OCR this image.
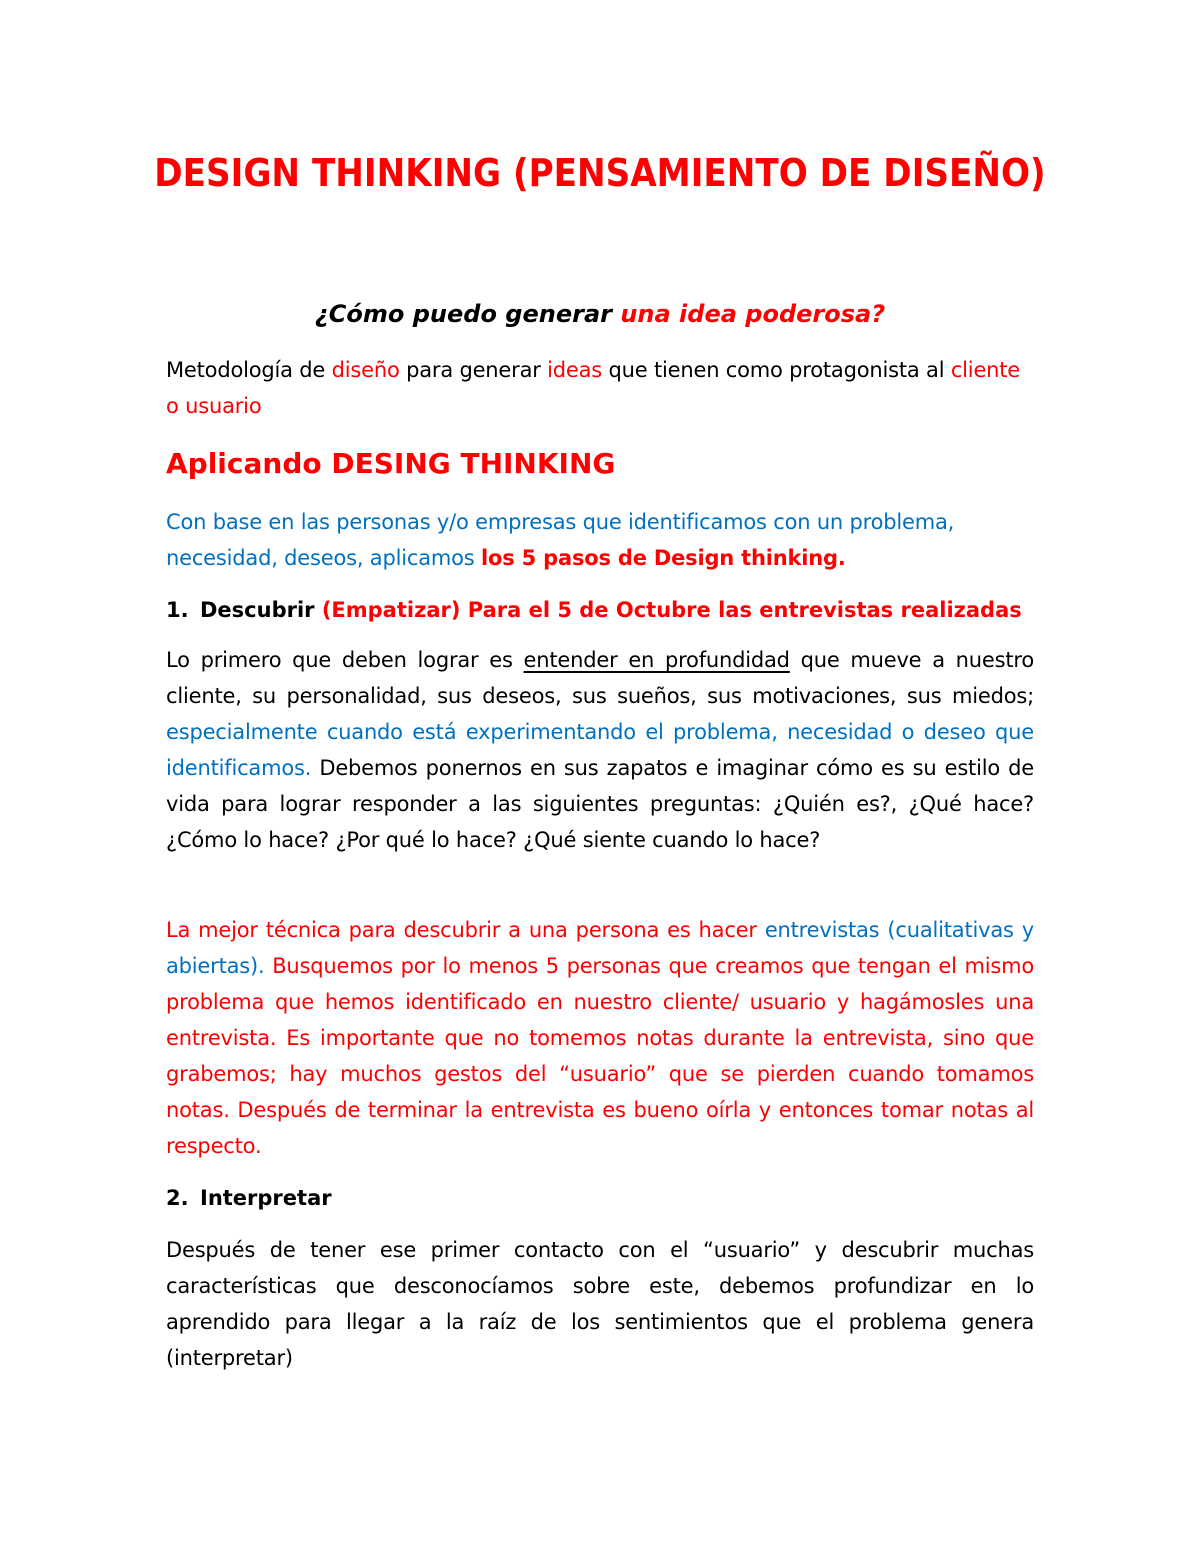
DESIGN THINKING (PENSAMIENTO DE DISEÑO)
¿Cómo puedo generar una idea poderosa?
Metodología de diseño para generar ideas que tienen como protagonista al cliente o usuario
Aplicando DESING THINKING
Con base en las personas y/o empresas que identificamos con un problema, necesidad, deseos, aplicamos los 5 pasos de Design thinking.
1. Descubrir (Empatizar) Para el 5 de Octubre las entrevistas realizadas
Lo primero que deben lograr es entender en profundidad que mueve a nuestro cliente, su personalidad, sus deseos, sus sueños, sus motivaciones, sus miedos; especialmente cuando está experimentando el problema, necesidad o deseo que identificamos. Debemos ponernos en sus zapatos e imaginar cómo es su estilo de vida para lograr responder a las siguientes preguntas: ¿Quién es?, ¿Qué hace? ¿Cómo lo hace? ¿Por qué lo hace? ¿Qué siente cuando lo hace?
La mejor técnica para descubrir a una persona es hacer entrevistas (cualitativas y abiertas). Busquemos por lo menos 5 personas que creamos que tengan el mismo problema que hemos identificado en nuestro cliente/ usuario y hagámosles una entrevista. Es importante que no tomemos notas durante la entrevista, sino que grabemos; hay muchos gestos del “usuario” que se pierden cuando tomamos notas. Después de terminar la entrevista es bueno oírla y entonces tomar notas al respecto.
2. Interpretar
Después de tener ese primer contacto con el “usuario” y descubrir muchas características que desconocíamos sobre este, debemos profundizar en lo aprendido para llegar a la raíz de los sentimientos que el problema genera (interpretar)
